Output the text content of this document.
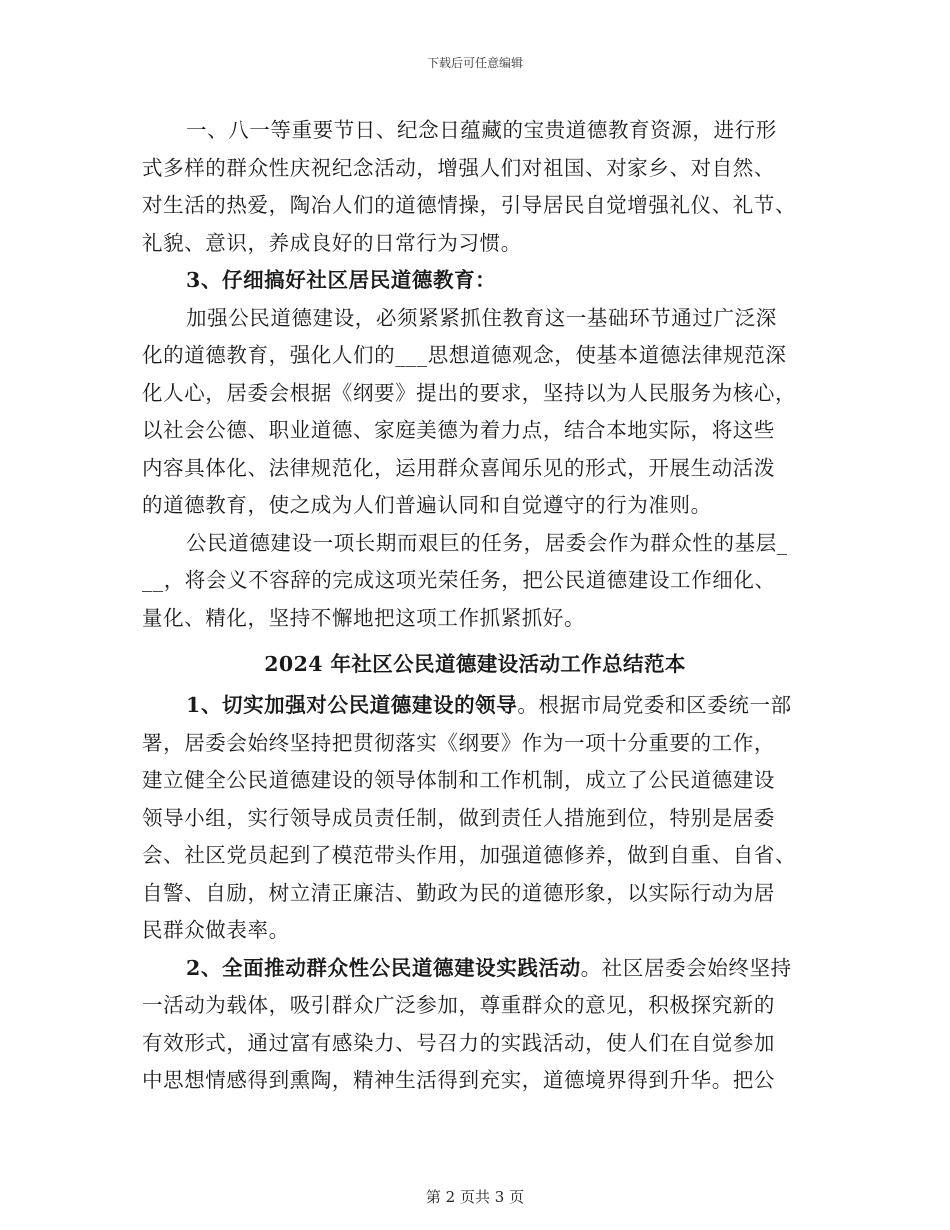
下载后可任意编辑
一、八一等重要节日、纪念日蕴藏的宝贵道德教育资源，进行形
式多样的群众性庆祝纪念活动，增强人们对祖国、对家乡、对自然、
对生活的热爱，陶冶人们的道德情操，引导居民自觉增强礼仪、礼节、
礼貌、意识，养成良好的日常行为习惯。
3、仔细搞好社区居民道德教育：
加强公民道德建设，必须紧紧抓住教育这一基础环节通过广泛深
化的道德教育，强化人们的___思想道德观念，使基本道德法律规范深
化人心，居委会根据《纲要》提出的要求，坚持以为人民服务为核心，
以社会公德、职业道德、家庭美德为着力点，结合本地实际，将这些
内容具体化、法律规范化，运用群众喜闻乐见的形式，开展生动活泼
的道德教育，使之成为人们普遍认同和自觉遵守的行为准则。
公民道德建设一项长期而艰巨的任务，居委会作为群众性的基层_
__，将会义不容辞的完成这项光荣任务，把公民道德建设工作细化、
量化、精化，坚持不懈地把这项工作抓紧抓好。
2024 年社区公民道德建设活动工作总结范本
1、切实加强对公民道德建设的领导。根据市局党委和区委统一部
署，居委会始终坚持把贯彻落实《纲要》作为一项十分重要的工作，
建立健全公民道德建设的领导体制和工作机制，成立了公民道德建设
领导小组，实行领导成员责任制，做到责任人措施到位，特别是居委
会、社区党员起到了模范带头作用，加强道德修养，做到自重、自省、
自警、自励，树立清正廉洁、勤政为民的道德形象，以实际行动为居
民群众做表率。
2、全面推动群众性公民道德建设实践活动。社区居委会始终坚持
一活动为载体，吸引群众广泛参加，尊重群众的意见，积极探究新的
有效形式，通过富有感染力、号召力的实践活动，使人们在自觉参加
中思想情感得到熏陶，精神生活得到充实，道德境界得到升华。把公
第 2 页共 3 页
